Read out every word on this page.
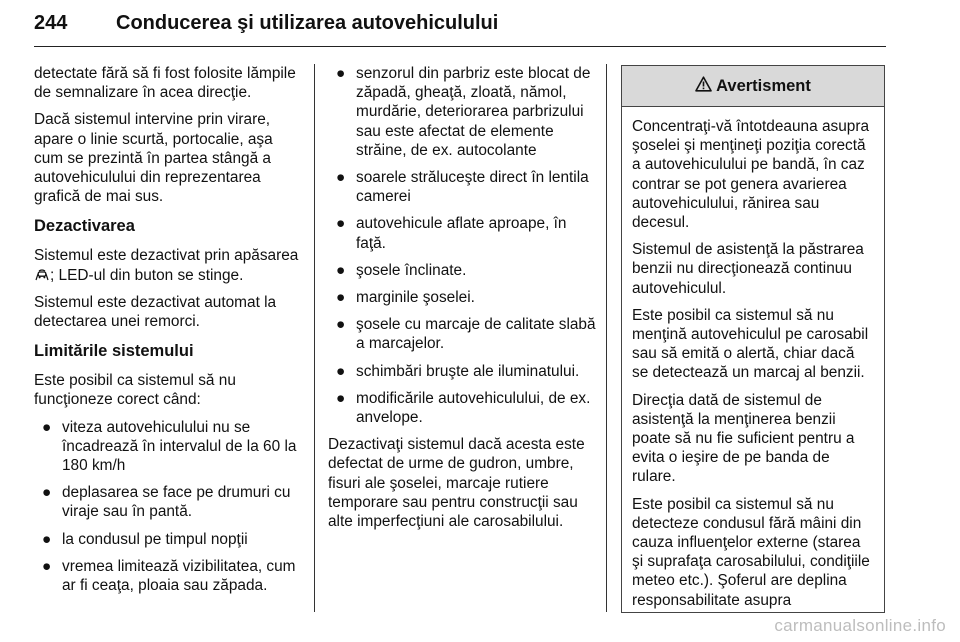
244 Conducerea şi utilizarea autovehiculului

detectate fără să fi fost folosite lămpile de semnalizare în acea direcţie.

Dacă sistemul intervine prin virare, apare o linie scurtă, portocalie, aşa cum se prezintă în partea stângă a autovehiculului din reprezentarea grafică de mai sus.

Dezactivarea

Sistemul este dezactivat prin apăsarea ; LED-ul din buton se stinge.

Sistemul este dezactivat automat la detectarea unei remorci.

Limitările sistemului

Este posibil ca sistemul să nu funcţioneze corect când:

● viteza autovehiculului nu se încadrează în intervalul de la 60 la 180 km/h
● deplasarea se face pe drumuri cu viraje sau în pantă.
● la condusul pe timpul nopţii
● vremea limitează vizibilitatea, cum ar fi ceaţa, ploaia sau zăpada.
● senzorul din parbriz este blocat de zăpadă, gheaţă, zloată, nămol, murdărie, deteriorarea parbrizului sau este afectat de elemente străine, de ex. autocolante
● soarele străluceşte direct în lentila camerei
● autovehicule aflate aproape, în faţă.
● şosele înclinate.
● marginile şoselei.
● şosele cu marcaje de calitate slabă a marcajelor.
● schimbări bruşte ale iluminatului.
● modificările autovehiculului, de ex. anvelope.

Dezactivaţi sistemul dacă acesta este defectat de urme de gudron, umbre, fisuri ale şoselei, marcaje rutiere temporare sau pentru construcţii sau alte imperfecţiuni ale carosabilului.

Avertisment

Concentraţi-vă întotdeauna asupra şoselei şi menţineţi poziţia corectă a autovehiculului pe bandă, în caz contrar se pot genera avarierea autovehiculului, rănirea sau decesul.

Sistemul de asistenţă la păstrarea benzii nu direcţionează continuu autovehiculul.

Este posibil ca sistemul să nu menţină autovehiculul pe carosabil sau să emită o alertă, chiar dacă se detectează un marcaj al benzii.

Direcţia dată de sistemul de asistenţă la menţinerea benzii poate să nu fie suficient pentru a evita o ieşire de pe banda de rulare.

Este posibil ca sistemul să nu detecteze condusul fără mâini din cauza influenţelor externe (starea şi suprafaţa carosabilului, condiţiile meteo etc.). Şoferul are deplina responsabilitate asupra

carmanualsonline.info
